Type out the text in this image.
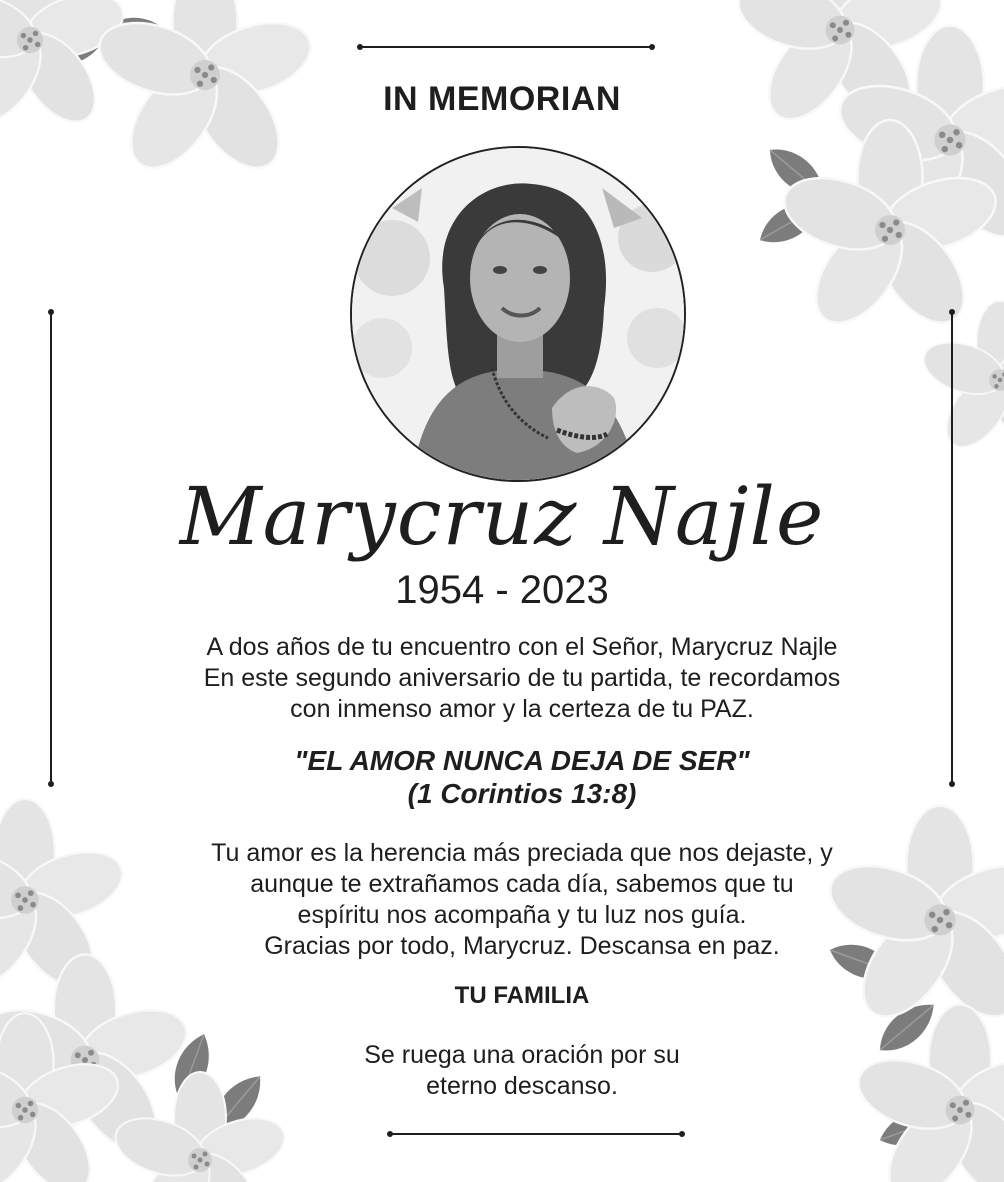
IN MEMORIAN
Marycruz Najle
1954 - 2023
A dos años de tu encuentro con el Señor, Marycruz Najle
En este segundo aniversario de tu partida, te recordamos
con inmenso amor y la certeza de tu PAZ.
"EL AMOR NUNCA DEJA DE SER"
(1 Corintios 13:8)
Tu amor es la herencia más preciada que nos dejaste, y
aunque te extrañamos cada día, sabemos que tu
espíritu nos acompaña y tu luz nos guía.
Gracias por todo, Marycruz. Descansa en paz.
TU FAMILIA
Se ruega una oración por su
eterno descanso.
